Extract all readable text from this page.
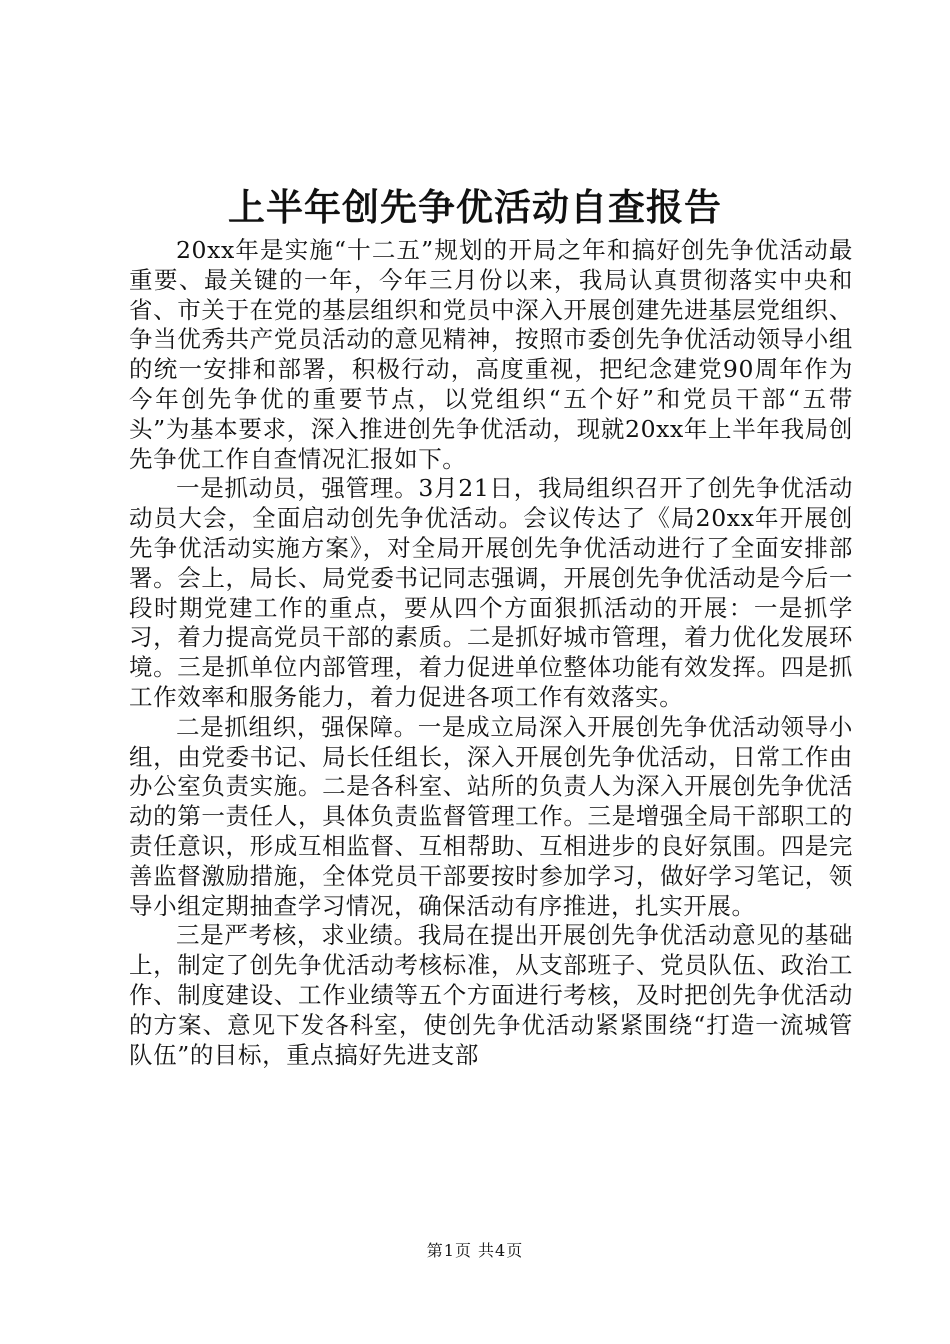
上半年创先争优活动自查报告

20xx年是实施“十二五”规划的开局之年和搞好创先争优活动最重要、最关键的一年，今年三月份以来，我局认真贯彻落实中央和省、市关于在党的基层组织和党员中深入开展创建先进基层党组织、争当优秀共产党员活动的意见精神，按照市委创先争优活动领导小组的统一安排和部署，积极行动，高度重视，把纪念建党90周年作为今年创先争优的重要节点，以党组织“五个好”和党员干部“五带头”为基本要求，深入推进创先争优活动，现就20xx年上半年我局创先争优工作自查情况汇报如下。

一是抓动员，强管理。3月21日，我局组织召开了创先争优活动动员大会，全面启动创先争优活动。会议传达了《局20xx年开展创先争优活动实施方案》，对全局开展创先争优活动进行了全面安排部署。会上，局长、局党委书记同志强调，开展创先争优活动是今后一段时期党建工作的重点，要从四个方面狠抓活动的开展：一是抓学习，着力提高党员干部的素质。二是抓好城市管理，着力优化发展环境。三是抓单位内部管理，着力促进单位整体功能有效发挥。四是抓工作效率和服务能力，着力促进各项工作有效落实。

二是抓组织，强保障。一是成立局深入开展创先争优活动领导小组，由党委书记、局长任组长，深入开展创先争优活动，日常工作由办公室负责实施。二是各科室、站所的负责人为深入开展创先争优活动的第一责任人，具体负责监督管理工作。三是增强全局干部职工的责任意识，形成互相监督、互相帮助、互相进步的良好氛围。四是完善监督激励措施，全体党员干部要按时参加学习，做好学习笔记，领导小组定期抽查学习情况，确保活动有序推进，扎实开展。

三是严考核，求业绩。我局在提出开展创先争优活动意见的基础上，制定了创先争优活动考核标准，从支部班子、党员队伍、政治工作、制度建设、工作业绩等五个方面进行考核，及时把创先争优活动的方案、意见下发各科室，使创先争优活动紧紧围绕“打造一流城管队伍”的目标，重点搞好先进支部

第1页 共4页
